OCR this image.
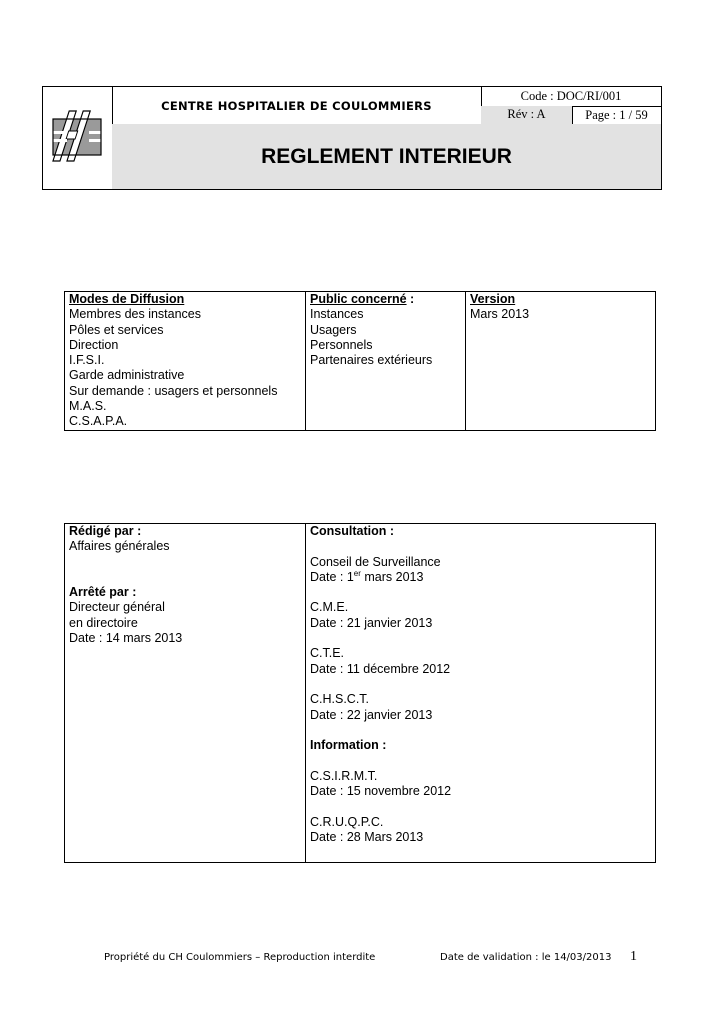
CENTRE HOSPITALIER DE COULOMMIERS
Code : DOC/RI/001
Rév : A	Page : 1 / 59
REGLEMENT INTERIEUR
Modes de Diffusion
Membres des instances
Pôles et services
Direction
I.F.S.I.
Garde administrative
Sur demande : usagers et personnels
M.A.S.
C.S.A.P.A.

Public concerné :
Instances
Usagers
Personnels
Partenaires extérieurs

Version
Mars 2013
Rédigé par :
Affaires générales
Arrêté par :
Directeur général
en directoire
Date : 14 mars 2013

Consultation :
Conseil de Surveillance
Date : 1er mars 2013
C.M.E.
Date : 21 janvier 2013
C.T.E.
Date : 11 décembre 2012
C.H.S.C.T.
Date : 22 janvier 2013
Information :
C.S.I.R.M.T.
Date : 15 novembre 2012
C.R.U.Q.P.C.
Date : 28 Mars 2013
Propriété du CH Coulommiers – Reproduction interdite	Date de validation : le 14/03/2013 1
